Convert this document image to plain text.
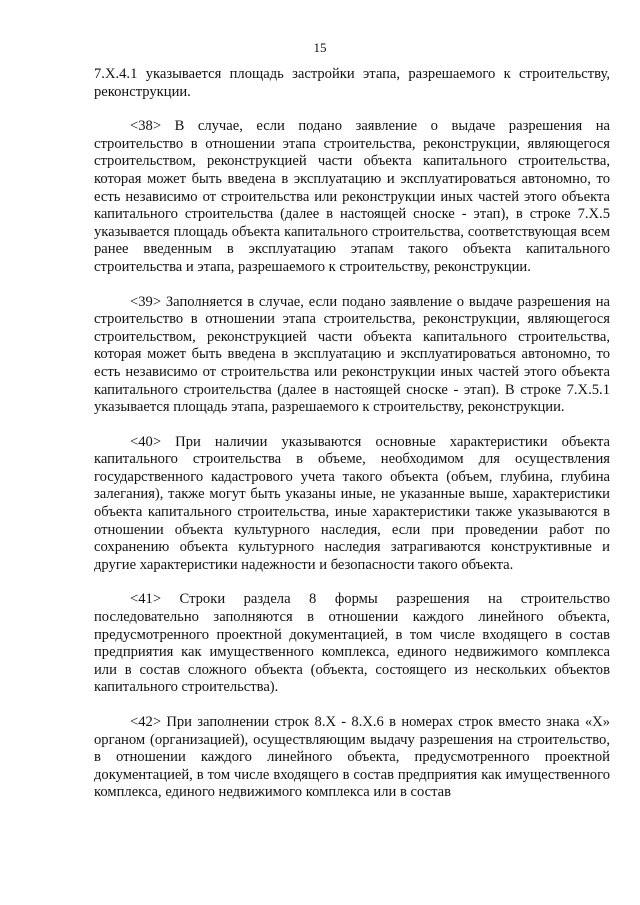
15

7.Х.4.1 указывается площадь застройки этапа, разрешаемого к строительству, реконструкции.

<38> В случае, если подано заявление о выдаче разрешения на строительство в отношении этапа строительства, реконструкции, являющегося строительством, реконструкцией части объекта капитального строительства, которая может быть введена в эксплуатацию и эксплуатироваться автономно, то есть независимо от строительства или реконструкции иных частей этого объекта капитального строительства (далее в настоящей сноске - этап), в строке 7.Х.5 указывается площадь объекта капитального строительства, соответствующая всем ранее введенным в эксплуатацию этапам такого объекта капитального строительства и этапа, разрешаемого к строительству, реконструкции.

<39> Заполняется в случае, если подано заявление о выдаче разрешения на строительство в отношении этапа строительства, реконструкции, являющегося строительством, реконструкцией части объекта капитального строительства, которая может быть введена в эксплуатацию и эксплуатироваться автономно, то есть независимо от строительства или реконструкции иных частей этого объекта капитального строительства (далее в настоящей сноске - этап). В строке 7.Х.5.1 указывается площадь этапа, разрешаемого к строительству, реконструкции.

<40> При наличии указываются основные характеристики объекта капитального строительства в объеме, необходимом для осуществления государственного кадастрового учета такого объекта (объем, глубина, глубина залегания), также могут быть указаны иные, не указанные выше, характеристики объекта капитального строительства, иные характеристики также указываются в отношении объекта культурного наследия, если при проведении работ по сохранению объекта культурного наследия затрагиваются конструктивные и другие характеристики надежности и безопасности такого объекта.

<41> Строки раздела 8 формы разрешения на строительство последовательно заполняются в отношении каждого линейного объекта, предусмотренного проектной документацией, в том числе входящего в состав предприятия как имущественного комплекса, единого недвижимого комплекса или в состав сложного объекта (объекта, состоящего из нескольких объектов капитального строительства).

<42> При заполнении строк 8.Х - 8.Х.6 в номерах строк вместо знака «Х» органом (организацией), осуществляющим выдачу разрешения на строительство, в отношении каждого линейного объекта, предусмотренного проектной документацией, в том числе входящего в состав предприятия как имущественного комплекса, единого недвижимого комплекса или в состав
